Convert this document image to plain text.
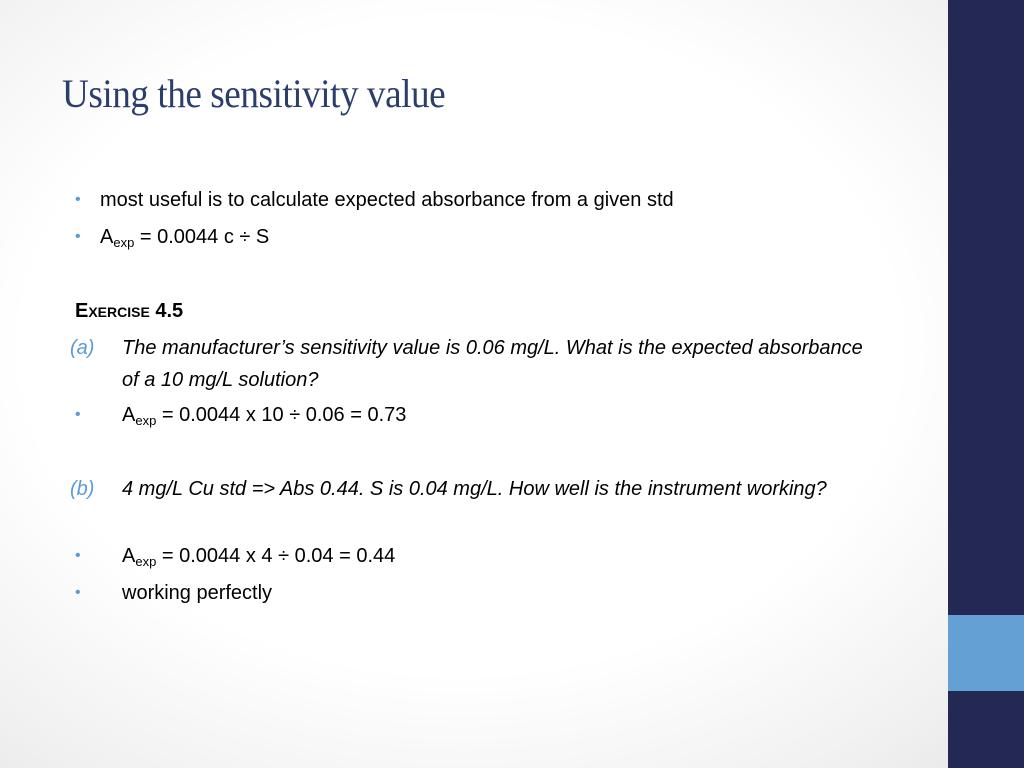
Using the sensitivity value
• most useful is to calculate expected absorbance from a given std
• $A_{exp} = 0.0044$ c ÷ S
Exercise 4.5
(a) The manufacturer’s sensitivity value is 0.06 mg/L. What is the expected absorbance of a 10 mg/L solution?
• $A_{exp} = 0.0044$ x 10 ÷ 0.06 = 0.73
(b) 4 mg/L Cu std => Abs 0.44. S is 0.04 mg/L. How well is the instrument working?
• $A_{exp} = 0.0044$ x 4 ÷ 0.04 = 0.44
• working perfectly
